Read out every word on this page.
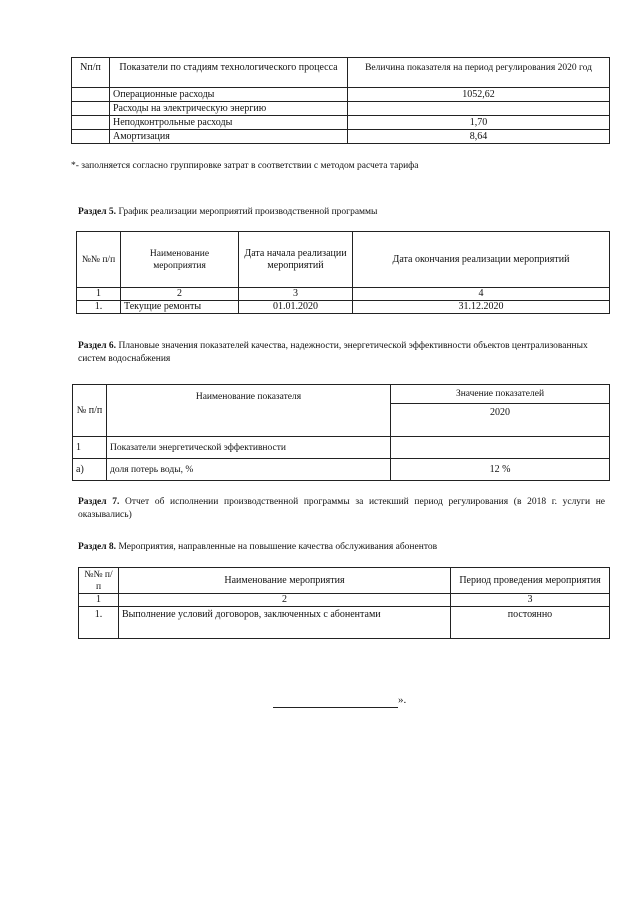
Nп/п	Показатели по стадиям технологического процесса	Величина показателя на период регулирования 2020 год
	Операционные расходы	1052,62
	Расходы на электрическую энергию	
	Неподконтрольные расходы	1,70
	Амортизация	8,64
*- заполняется согласно группировке затрат в соответствии с методом расчета тарифа
Раздел 5. График реализации мероприятий производственной программы
№№ п/п	Наименование мероприятия	Дата начала реализации мероприятий	Дата окончания реализации мероприятий
1	2	3	4
1.	Текущие ремонты	01.01.2020	31.12.2020
Раздел 6. Плановые значения показателей качества, надежности, энергетической эффективности объектов централизованных систем водоснабжения
№ п/п	Наименование показателя	Значение показателей
		2020
1	Показатели энергетической эффективности	
а)	доля потерь воды, %	12 %
Раздел 7. Отчет об исполнении производственной программы за истекший период регулирования (в 2018 г. услуги не оказывались)
Раздел 8. Мероприятия, направленные на повышение качества обслуживания абонентов
№№ п/п	Наименование мероприятия	Период проведения мероприятия
1	2	3
1.	Выполнение условий договоров, заключенных с абонентами	постоянно
».
